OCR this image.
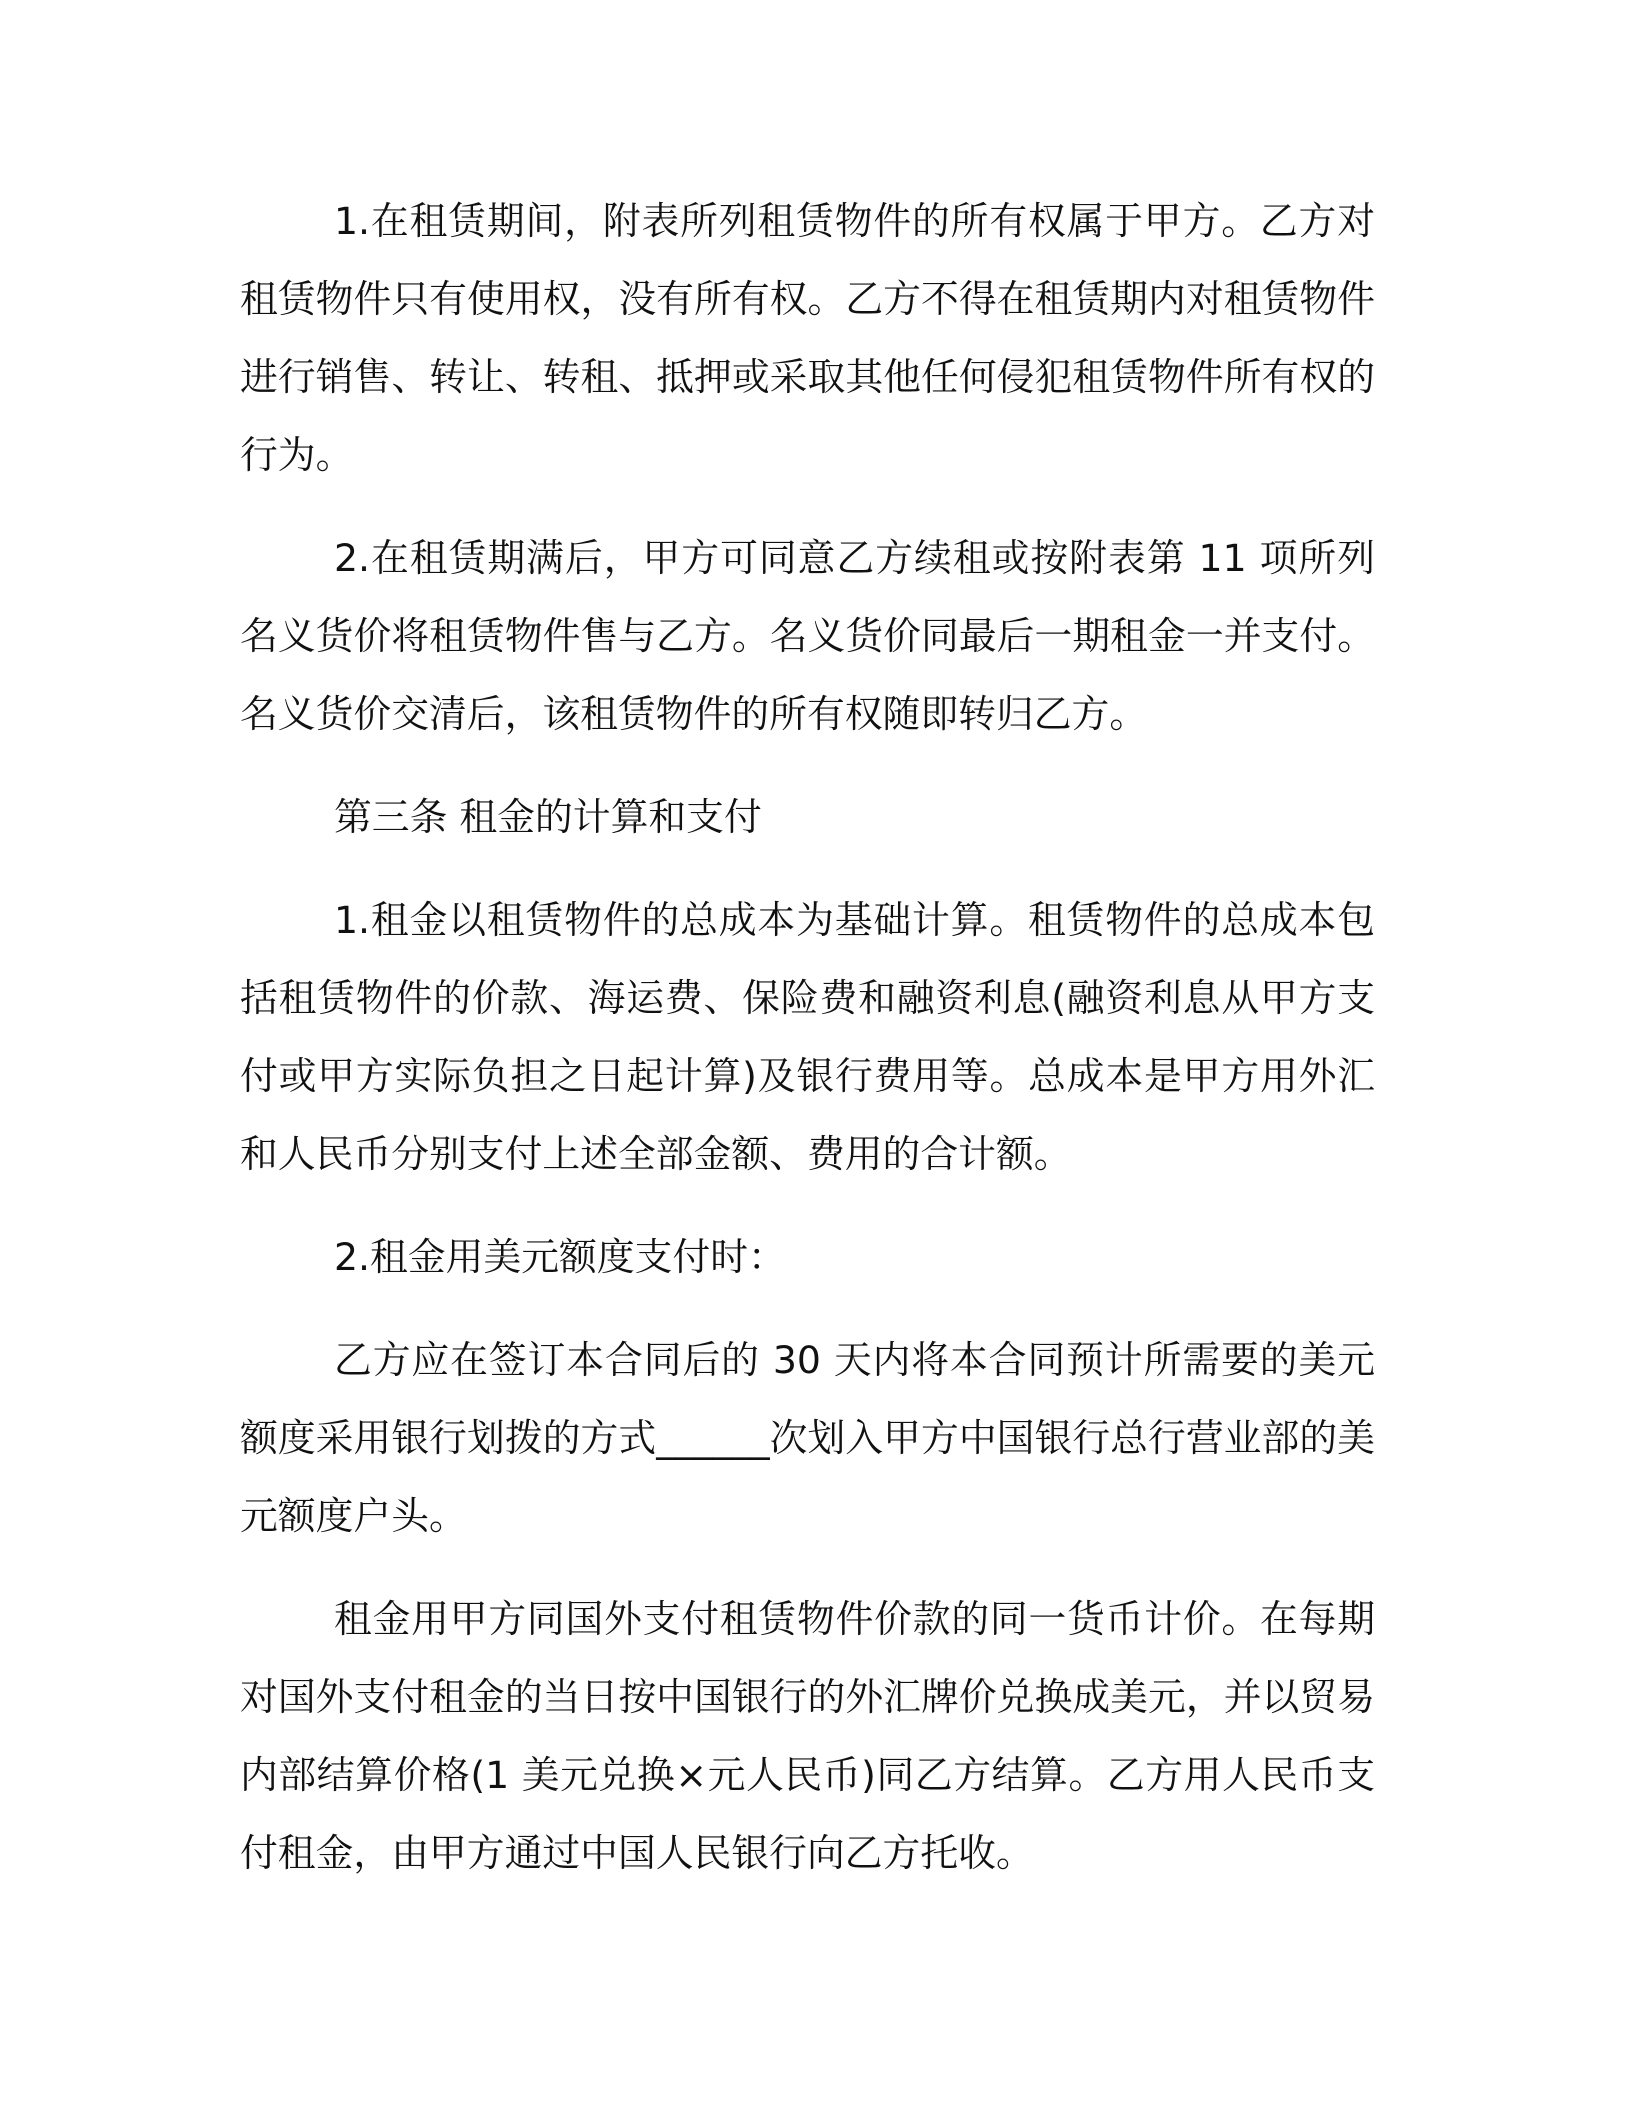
1.在租赁期间，附表所列租赁物件的所有权属于甲方。乙方对租赁物件只有使用权，没有所有权。乙方不得在租赁期内对租赁物件进行销售、转让、转租、抵押或采取其他任何侵犯租赁物件所有权的行为。

2.在租赁期满后，甲方可同意乙方续租或按附表第 11 项所列名义货价将租赁物件售与乙方。名义货价同最后一期租金一并支付。名义货价交清后，该租赁物件的所有权随即转归乙方。

第三条 租金的计算和支付

1.租金以租赁物件的总成本为基础计算。租赁物件的总成本包括租赁物件的价款、海运费、保险费和融资利息(融资利息从甲方支付或甲方实际负担之日起计算)及银行费用等。总成本是甲方用外汇和人民币分别支付上述全部金额、费用的合计额。

2.租金用美元额度支付时：

乙方应在签订本合同后的 30 天内将本合同预计所需要的美元额度采用银行划拨的方式______次划入甲方中国银行总行营业部的美元额度户头。

租金用甲方同国外支付租赁物件价款的同一货币计价。在每期对国外支付租金的当日按中国银行的外汇牌价兑换成美元，并以贸易内部结算价格(1 美元兑换×元人民币)同乙方结算。乙方用人民币支付租金，由甲方通过中国人民银行向乙方托收。
